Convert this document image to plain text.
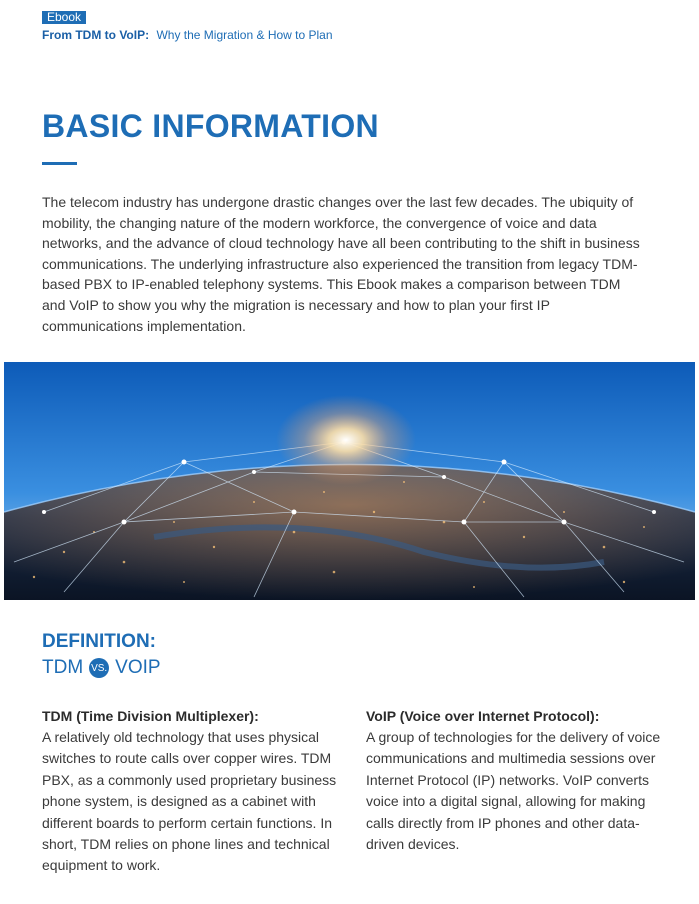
Ebook
From TDM to VoIP: Why the Migration & How to Plan
BASIC INFORMATION

The telecom industry has undergone drastic changes over the last few decades. The ubiquity of mobility, the changing nature of the modern workforce, the convergence of voice and data networks, and the advance of cloud technology have all been contributing to the shift in business communications. The underlying infrastructure also experienced the transition from legacy TDM-based PBX to IP-enabled telephony systems. This Ebook makes a comparison between TDM and VoIP to show you why the migration is necessary and how to plan your first IP communications implementation.

DEFINITION:
TDM VS. VOIP
TDM (Time Division Multiplexer):

A relatively old technology that uses physical switches to route calls over copper wires. TDM PBX, as a commonly used proprietary business phone system, is designed as a cabinet with different boards to perform certain functions. In short, TDM relies on phone lines and technical equipment to work.

VoIP (Voice over Internet Protocol):

A group of technologies for the delivery of voice communications and multimedia sessions over Internet Protocol (IP) networks. VoIP converts voice into a digital signal, allowing for making calls directly from IP phones and other data-driven devices.
